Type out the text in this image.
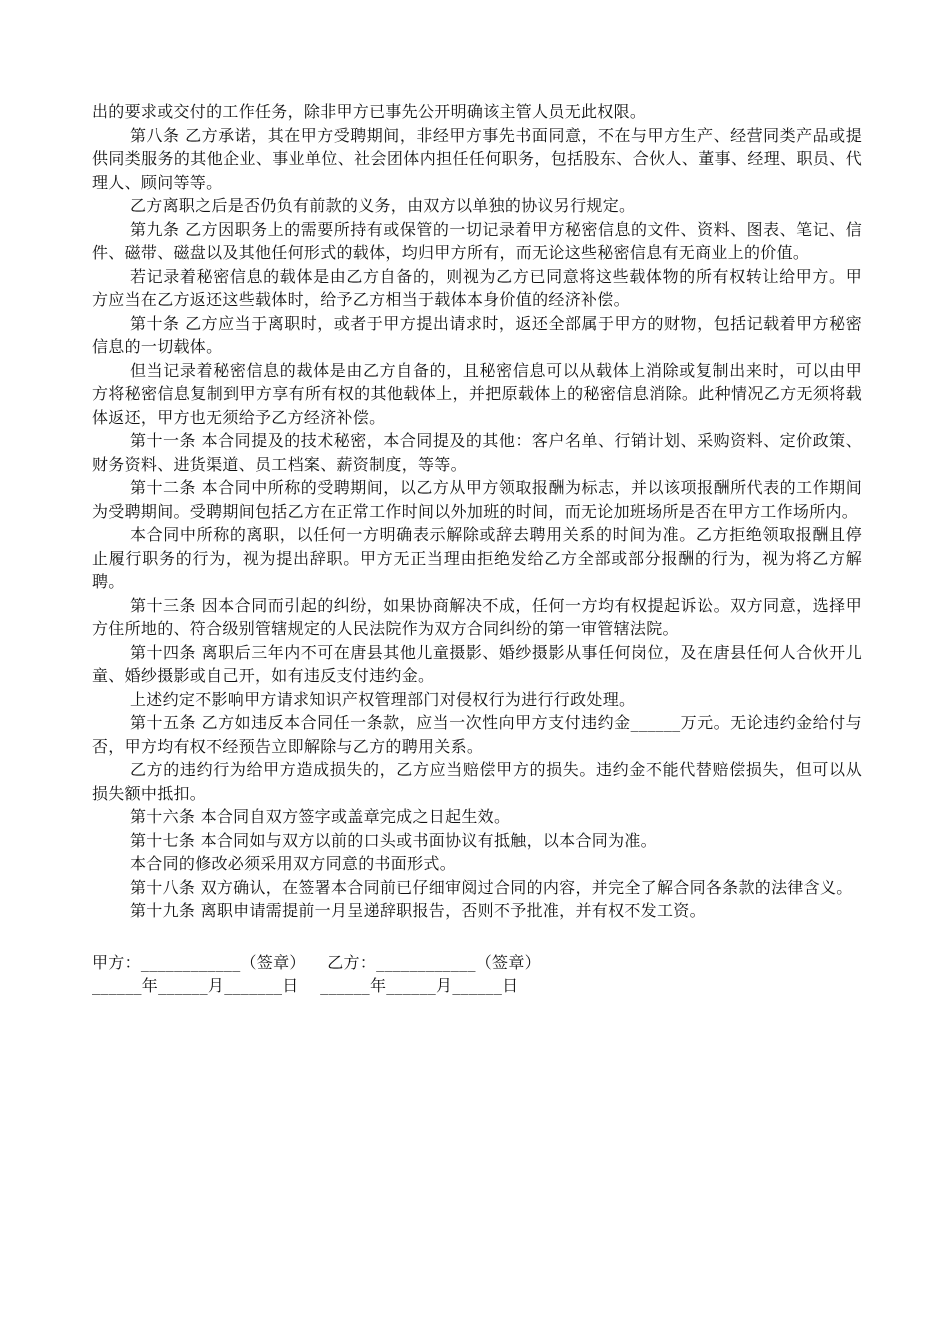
出的要求或交付的工作任务，除非甲方已事先公开明确该主管人员无此权限。

第八条 乙方承诺，其在甲方受聘期间，非经甲方事先书面同意，不在与甲方生产、经营同类产品或提供同类服务的其他企业、事业单位、社会团体内担任任何职务，包括股东、合伙人、董事、经理、职员、代理人、顾问等等。

乙方离职之后是否仍负有前款的义务，由双方以单独的协议另行规定。

第九条 乙方因职务上的需要所持有或保管的一切记录着甲方秘密信息的文件、资料、图表、笔记、信件、磁带、磁盘以及其他任何形式的载体，均归甲方所有，而无论这些秘密信息有无商业上的价值。

若记录着秘密信息的载体是由乙方自备的，则视为乙方已同意将这些载体物的所有权转让给甲方。甲方应当在乙方返还这些载体时，给予乙方相当于载体本身价值的经济补偿。

第十条 乙方应当于离职时，或者于甲方提出请求时，返还全部属于甲方的财物，包括记载着甲方秘密信息的一切载体。

但当记录着秘密信息的裁体是由乙方自备的，且秘密信息可以从载体上消除或复制出来时，可以由甲方将秘密信息复制到甲方享有所有权的其他载体上，并把原载体上的秘密信息消除。此种情况乙方无须将载体返还，甲方也无须给予乙方经济补偿。

第十一条 本合同提及的技术秘密，本合同提及的其他：客户名单、行销计划、采购资料、定价政策、财务资料、进货渠道、员工档案、薪资制度，等等。

第十二条 本合同中所称的受聘期间，以乙方从甲方领取报酬为标志，并以该项报酬所代表的工作期间为受聘期间。受聘期间包括乙方在正常工作时间以外加班的时间，而无论加班场所是否在甲方工作场所内。

本合同中所称的离职，以任何一方明确表示解除或辞去聘用关系的时间为准。乙方拒绝领取报酬且停止履行职务的行为，视为提出辞职。甲方无正当理由拒绝发给乙方全部或部分报酬的行为，视为将乙方解聘。

第十三条 因本合同而引起的纠纷，如果协商解决不成，任何一方均有权提起诉讼。双方同意，选择甲方住所地的、符合级别管辖规定的人民法院作为双方合同纠纷的第一审管辖法院。

第十四条 离职后三年内不可在唐县其他儿童摄影、婚纱摄影从事任何岗位，及在唐县任何人合伙开儿童、婚纱摄影或自己开，如有违反支付违约金。

上述约定不影响甲方请求知识产权管理部门对侵权行为进行行政处理。

第十五条 乙方如违反本合同任一条款，应当一次性向甲方支付违约金______万元。无论违约金给付与否，甲方均有权不经预告立即解除与乙方的聘用关系。

乙方的违约行为给甲方造成损失的，乙方应当赔偿甲方的损失。违约金不能代替赔偿损失，但可以从损失额中抵扣。

第十六条 本合同自双方签字或盖章完成之日起生效。

第十七条 本合同如与双方以前的口头或书面协议有抵触，以本合同为准。

本合同的修改必须采用双方同意的书面形式。

第十八条 双方确认，在签署本合同前已仔细审阅过合同的内容，并完全了解合同各条款的法律含义。

第十九条 离职申请需提前一月呈递辞职报告，否则不予批准，并有权不发工资。

甲方：____________（签章）    乙方：____________（签章）

______年______月_______日    ______年______月______日
